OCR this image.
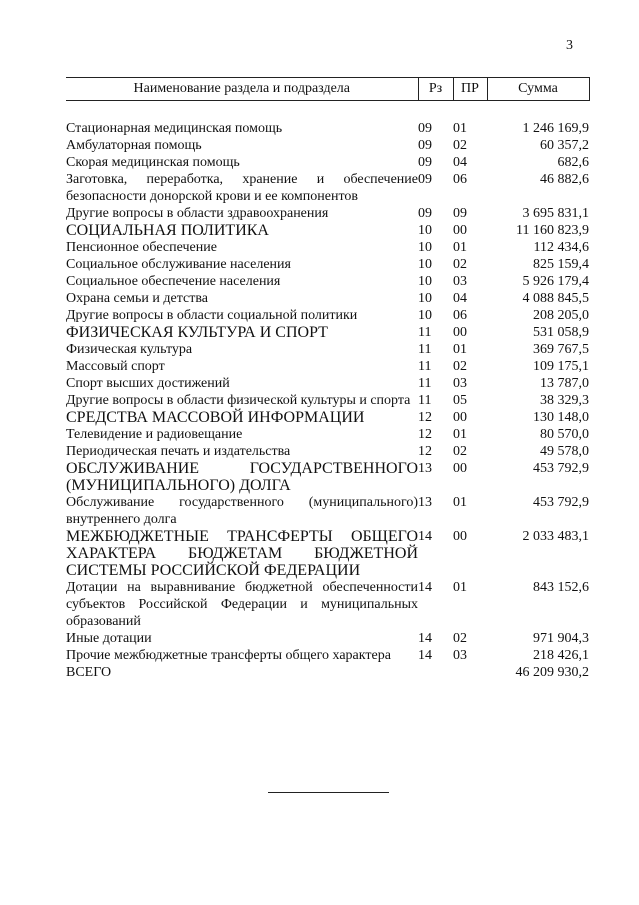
3
Наименование раздела и подраздела	Рз	ПР	Сумма

Стационарная медицинская помощь	09	01	1 246 169,9
Амбулаторная помощь	09	02	60 357,2
Скорая медицинская помощь	09	04	682,6
Заготовка, переработка, хранение и обеспечение безопасности донорской крови и ее компонентов	09	06	46 882,6
Другие вопросы в области здравоохранения	09	09	3 695 831,1
СОЦИАЛЬНАЯ ПОЛИТИКА	10	00	11 160 823,9
Пенсионное обеспечение	10	01	112 434,6
Социальное обслуживание населения	10	02	825 159,4
Социальное обеспечение населения	10	03	5 926 179,4
Охрана семьи и детства	10	04	4 088 845,5
Другие вопросы в области социальной политики	10	06	208 205,0
ФИЗИЧЕСКАЯ КУЛЬТУРА И СПОРТ	11	00	531 058,9
Физическая культура	11	01	369 767,5
Массовый спорт	11	02	109 175,1
Спорт высших достижений	11	03	13 787,0
Другие вопросы в области физической культуры и спорта	11	05	38 329,3
СРЕДСТВА МАССОВОЙ ИНФОРМАЦИИ	12	00	130 148,0
Телевидение и радиовещание	12	01	80 570,0
Периодическая печать и издательства	12	02	49 578,0
ОБСЛУЖИВАНИЕ ГОСУДАРСТВЕННОГО (МУНИЦИПАЛЬНОГО) ДОЛГА	13	00	453 792,9
Обслуживание государственного (муниципального) внутреннего долга	13	01	453 792,9
МЕЖБЮДЖЕТНЫЕ ТРАНСФЕРТЫ ОБЩЕГО ХАРАКТЕРА БЮДЖЕТАМ БЮДЖЕТНОЙ СИСТЕМЫ РОССИЙСКОЙ ФЕДЕРАЦИИ	14	00	2 033 483,1
Дотации на выравнивание бюджетной обеспеченности субъектов Российской Федерации и муниципальных образований	14	01	843 152,6
Иные дотации	14	02	971 904,3
Прочие межбюджетные трансферты общего характера	14	03	218 426,1
ВСЕГО			46 209 930,2
